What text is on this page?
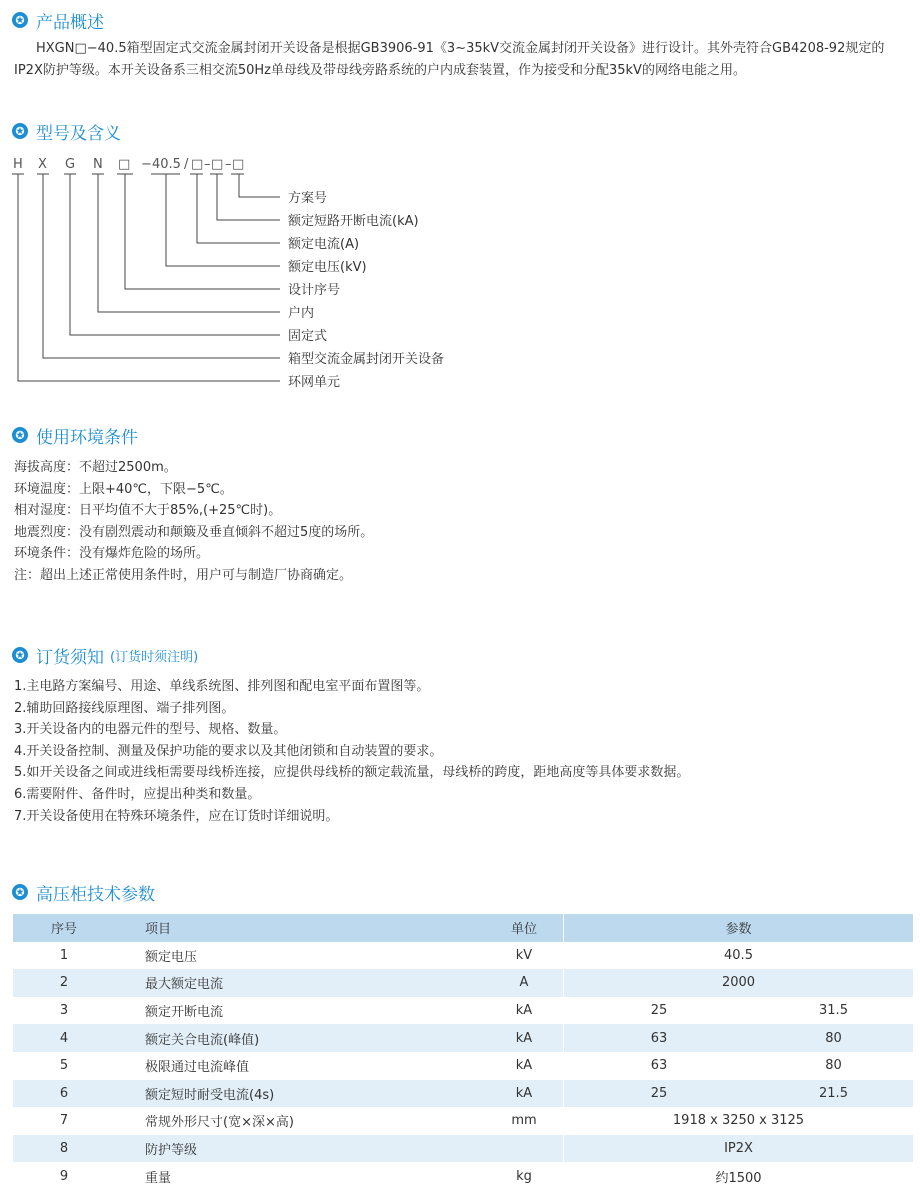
✪ 产品概述
HXGN□−40.5箱型固定式交流金属封闭开关设备是根据GB3906-91《3~35kV交流金属封闭开关设备》进行设计。其外壳符合GB4208-92规定的IP2X防护等级。本开关设备系三相交流50Hz单母线及带母线旁路系统的户内成套装置，作为接受和分配35kV的网络电能之用。
✪ 型号及含义
H X G N □ − 40.5 / □ – □ – □
方案号
额定短路开断电流(kA)
额定电流(A)
额定电压(kV)
设计序号
户内
固定式
箱型交流金属封闭开关设备
环网单元
✪ 使用环境条件
海拔高度：不超过2500m。
环境温度：上限+40℃，下限−5℃。
相对湿度：日平均值不大于85%,(+25℃时)。
地震烈度：没有剧烈震动和颠簸及垂直倾斜不超过5度的场所。
环境条件：没有爆炸危险的场所。
注：超出上述正常使用条件时，用户可与制造厂协商确定。
✪ 订货须知 (订货时须注明)
1.主电路方案编号、用途、单线系统图、排列图和配电室平面布置图等。
2.辅助回路接线原理图、端子排列图。
3.开关设备内的电器元件的型号、规格、数量。
4.开关设备控制、测量及保护功能的要求以及其他闭锁和自动装置的要求。
5.如开关设备之间或进线柜需要母线桥连接，应提供母线桥的额定载流量，母线桥的跨度，距地高度等具体要求数据。
6.需要附件、备件时，应提出种类和数量。
7.开关设备使用在特殊环境条件，应在订货时详细说明。
✪ 高压柜技术参数
序号	项目	单位	参数	
1	额定电压	kV	40.5	
2	最大额定电流	A	2000	
3	额定开断电流	kA	25	31.5
4	额定关合电流(峰值)	kA	63	80
5	极限通过电流峰值	kA	63	80
6	额定短时耐受电流(4s)	kA	25	21.5
7	常规外形尺寸(宽×深×高)	mm	1918 x 3250 x 3125	
8	防护等级		IP2X	
9	重量	kg	约1500	
